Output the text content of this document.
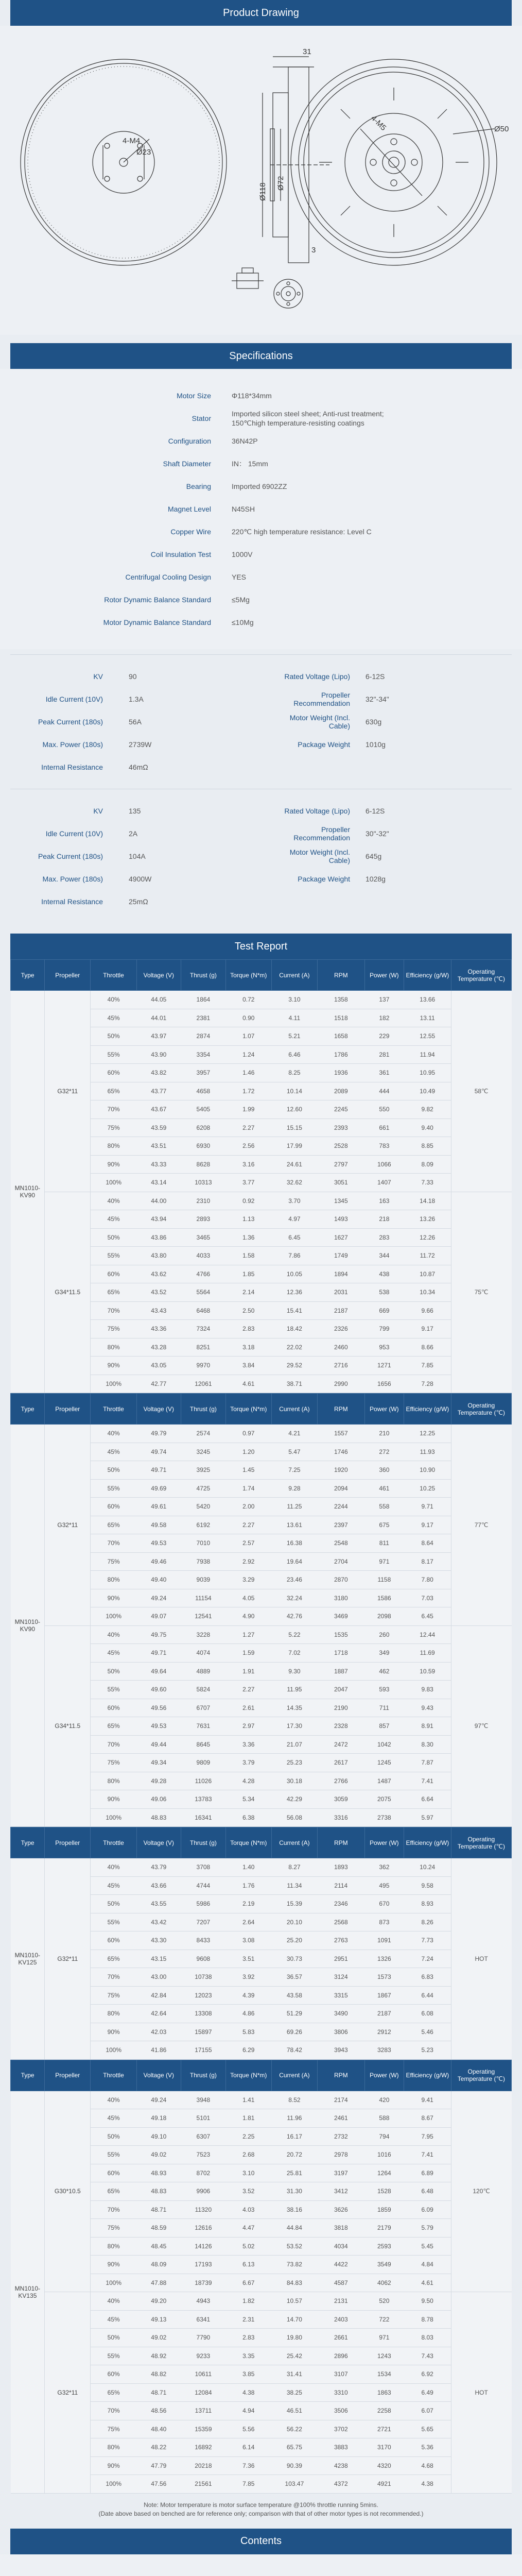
Product Drawing
31
4-M4
Ø23
Ø118 Ø72
4-M5	Ø50
3
Specifications
Motor Size	Φ118*34mm
Stator
Imported silicon steel sheet; Anti-rust treatment;
150℃high temperature-resisting coatings
Configuration	36N42P
Shaft Diameter	IN： 15mm
Bearing	Imported 6902ZZ
Magnet Level	N45SH
Copper Wire	220℃ high temperature resistance: Level C
Coil Insulation Test	1000V
Centrifugal Cooling Design	YES
Rotor Dynamic Balance Standard	≤5Mg
Motor Dynamic Balance Standard	≤10Mg
KV	90	Rated Voltage (Lipo)	6-12S
Idle Current (10V)	1.3A	Propeller Recommendation	32"-34"
Peak Current (180s)	56A	Motor Weight (Incl. Cable)	630g
Max. Power (180s)	2739W	Package Weight	1010g
Internal Resistance	46mΩ
KV	135	Rated Voltage (Lipo)	6-12S
Idle Current (10V)	2A	Propeller Recommendation	30"-32"
Peak Current (180s)	104A	Motor Weight (Incl. Cable)	645g
Max. Power (180s)	4900W	Package Weight	1028g
Internal Resistance	25mΩ
Test Report
Type	Propeller	Throttle	Voltage (V)	Thrust (g)	Torque (N*m)	Current (A)	RPM	Power (W)	Efficiency (g/W)	Operating Temperature (℃)
MN1010-KV90	G32*11	40%	44.05	1864	0.72	3.10	1358	137	13.66	58℃
		45%	44.01	2381	0.90	4.11	1518	182	13.11	
		50%	43.97	2874	1.07	5.21	1658	229	12.55	
		55%	43.90	3354	1.24	6.46	1786	281	11.94	
		60%	43.82	3957	1.46	8.25	1936	361	10.95	
		65%	43.77	4658	1.72	10.14	2089	444	10.49	
		70%	43.67	5405	1.99	12.60	2245	550	9.82	
		75%	43.59	6208	2.27	15.15	2393	661	9.40	
		80%	43.51	6930	2.56	17.99	2528	783	8.85	
		90%	43.33	8628	3.16	24.61	2797	1066	8.09	
		100%	43.14	10313	3.77	32.62	3051	1407	7.33	
	G34*11.5	40%	44.00	2310	0.92	3.70	1345	163	14.18	75℃
		45%	43.94	2893	1.13	4.97	1493	218	13.26	
		50%	43.86	3465	1.36	6.45	1627	283	12.26	
		55%	43.80	4033	1.58	7.86	1749	344	11.72	
		60%	43.62	4766	1.85	10.05	1894	438	10.87	
		65%	43.52	5564	2.14	12.36	2031	538	10.34	
		70%	43.43	6468	2.50	15.41	2187	669	9.66	
		75%	43.36	7324	2.83	18.42	2326	799	9.17	
		80%	43.28	8251	3.18	22.02	2460	953	8.66	
		90%	43.05	9970	3.84	29.52	2716	1271	7.85	
		100%	42.77	12061	4.61	38.71	2990	1656	7.28	
Type	Propeller	Throttle	Voltage (V)	Thrust (g)	Torque (N*m)	Current (A)	RPM	Power (W)	Efficiency (g/W)	Operating Temperature (℃)
MN1010-KV90	G32*11	40%	49.79	2574	0.97	4.21	1557	210	12.25	77℃
		45%	49.74	3245	1.20	5.47	1746	272	11.93	
		50%	49.71	3925	1.45	7.25	1920	360	10.90	
		55%	49.69	4725	1.74	9.28	2094	461	10.25	
		60%	49.61	5420	2.00	11.25	2244	558	9.71	
		65%	49.58	6192	2.27	13.61	2397	675	9.17	
		70%	49.53	7010	2.57	16.38	2548	811	8.64	
		75%	49.46	7938	2.92	19.64	2704	971	8.17	
		80%	49.40	9039	3.29	23.46	2870	1158	7.80	
		90%	49.24	11154	4.05	32.24	3180	1586	7.03	
		100%	49.07	12541	4.90	42.76	3469	2098	6.45	
	G34*11.5	40%	49.75	3228	1.27	5.22	1535	260	12.44	97℃
		45%	49.71	4074	1.59	7.02	1718	349	11.69	
		50%	49.64	4889	1.91	9.30	1887	462	10.59	
		55%	49.60	5824	2.27	11.95	2047	593	9.83	
		60%	49.56	6707	2.61	14.35	2190	711	9.43	
		65%	49.53	7631	2.97	17.30	2328	857	8.91	
		70%	49.44	8645	3.36	21.07	2472	1042	8.30	
		75%	49.34	9809	3.79	25.23	2617	1245	7.87	
		80%	49.28	11026	4.28	30.18	2766	1487	7.41	
		90%	49.06	13783	5.34	42.29	3059	2075	6.64	
		100%	48.83	16341	6.38	56.08	3316	2738	5.97	
Type	Propeller	Throttle	Voltage (V)	Thrust (g)	Torque (N*m)	Current (A)	RPM	Power (W)	Efficiency (g/W)	Operating Temperature (℃)
MN1010-KV125	G32*11	40%	43.79	3708	1.40	8.27	1893	362	10.24	HOT
		45%	43.66	4744	1.76	11.34	2114	495	9.58	
		50%	43.55	5986	2.19	15.39	2346	670	8.93	
		55%	43.42	7207	2.64	20.10	2568	873	8.26	
		60%	43.30	8433	3.08	25.20	2763	1091	7.73	
		65%	43.15	9608	3.51	30.73	2951	1326	7.24	
		70%	43.00	10738	3.92	36.57	3124	1573	6.83	
		75%	42.84	12023	4.39	43.58	3315	1867	6.44	
		80%	42.64	13308	4.86	51.29	3490	2187	6.08	
		90%	42.03	15897	5.83	69.26	3806	2912	5.46	
		100%	41.86	17155	6.29	78.42	3943	3283	5.23	
Type	Propeller	Throttle	Voltage (V)	Thrust (g)	Torque (N*m)	Current (A)	RPM	Power (W)	Efficiency (g/W)	Operating Temperature (℃)
MN1010-KV135	G30*10.5	40%	49.24	3948	1.41	8.52	2174	420	9.41	120℃
		45%	49.18	5101	1.81	11.96	2461	588	8.67	
		50%	49.10	6307	2.25	16.17	2732	794	7.95	
		55%	49.02	7523	2.68	20.72	2978	1016	7.41	
		60%	48.93	8702	3.10	25.81	3197	1264	6.89	
		65%	48.83	9906	3.52	31.30	3412	1528	6.48	
		70%	48.71	11320	4.03	38.16	3626	1859	6.09	
		75%	48.59	12616	4.47	44.84	3818	2179	5.79	
		80%	48.45	14126	5.02	53.52	4034	2593	5.45	
		90%	48.09	17193	6.13	73.82	4422	3549	4.84	
		100%	47.88	18739	6.67	84.83	4587	4062	4.61	
	G32*11	40%	49.20	4943	1.82	10.57	2131	520	9.50	HOT
		45%	49.13	6341	2.31	14.70	2403	722	8.78	
		50%	49.02	7790	2.83	19.80	2661	971	8.03	
		55%	48.92	9233	3.35	25.42	2896	1243	7.43	
		60%	48.82	10611	3.85	31.41	3107	1534	6.92	
		65%	48.71	12084	4.38	38.25	3310	1863	6.49	
		70%	48.56	13711	4.94	46.51	3506	2258	6.07	
		75%	48.40	15359	5.56	56.22	3702	2721	5.65	
		80%	48.22	16892	6.14	65.75	3883	3170	5.36	
		90%	47.79	20218	7.36	90.39	4238	4320	4.68	
		100%	47.56	21561	7.85	103.47	4372	4921	4.38	
Note: Motor temperature is motor surface temperature @100% throttle running 5mins.
(Date above based on benched are for reference only; comparison with that of other motor types is not recommended.)
Contents
